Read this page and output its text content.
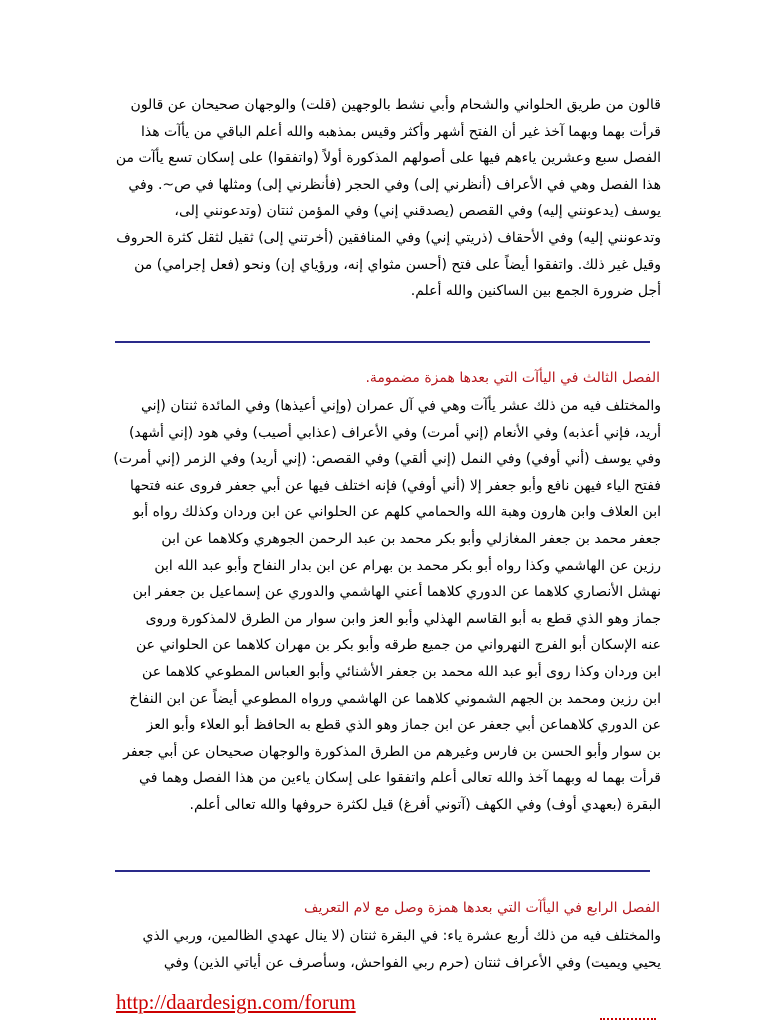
قالون من طريق الحلواني والشحام وأبي نشط بالوجهين (قلت) والوجهان صحيحان عن قالون
قرأت بهما وبهما آخذ غير أن الفتح أشهر وأكثر وقيس بمذهبه والله أعلم الباقي من يأآت هذا
الفصل سبع وعشرين ياءهم فيها على أصولهم المذكورة أولاً (واتفقوا) على إسكان تسع يأآت من
هذا الفصل وهي في الأعراف (أنظرني إلى) وفي الحجر (فأنظرني إلى) ومثلها في ص~. وفي
يوسف (يدعونني إليه) وفي القصص (يصدقني إني) وفي المؤمن ثنتان (وتدعونني إلى،
وتدعونني إليه) وفي الأحقاف (ذريتي إني) وفي المنافقين (أخرتني إلى) ثقيل لثقل كثرة الحروف
وقيل غير ذلك. واتفقوا أيضاً على فتح (أحسن مثواي إنه، ورؤياي إن) ونحو (فعل إجرامي) من
أجل ضرورة الجمع بين الساكنين والله أعلم.

الفصل الثالث في اليأآت التي بعدها همزة مضمومة.

والمختلف فيه من ذلك عشر يأآت وهي في آل عمران (وإني أعيذها) وفي المائدة ثنتان (إني
أريد، فإني أعذبه) وفي الأنعام (إني أمرت) وفي الأعراف (عذابي أصيب) وفي هود (إني أشهد)
وفي يوسف (أني أوفي) وفي النمل (إني ألقي) وفي القصص: (إني أريد) وفي الزمر (إني أمرت)
ففتح الياء فيهن نافع وأبو جعفر إلا (أني أوفي) فإنه اختلف فيها عن أبي جعفر فروى عنه فتحها
ابن العلاف وابن هارون وهبة الله والحمامي كلهم عن الحلواني عن ابن وردان وكذلك رواه أبو
جعفر محمد بن جعفر المغازلي وأبو بكر محمد بن عبد الرحمن الجوهري وكلاهما عن ابن
رزين عن الهاشمي وكذا رواه أبو بكر محمد بن بهرام عن ابن بدار النفاح وأبو عبد الله ابن
نهشل الأنصاري كلاهما عن الدوري كلاهما أعني الهاشمي والدوري عن إسماعيل بن جعفر ابن
جماز وهو الذي قطع به أبو القاسم الهذلي وأبو العز وابن سوار من الطرق لالمذكورة وروى
عنه الإسكان أبو الفرج النهرواني من جميع طرقه وأبو بكر بن مهران كلاهما عن الحلواني عن
ابن وردان وكذا روى أبو عبد الله محمد بن جعفر الأشنائي وأبو العباس المطوعي كلاهما عن
ابن رزين ومحمد بن الجهم الشموني كلاهما عن الهاشمي ورواه المطوعي أيضاً عن ابن النفاخ
عن الدوري كلاهماعن أبي جعفر عن ابن جماز وهو الذي قطع به الحافظ أبو العلاء وأبو العز
بن سوار وأبو الحسن بن فارس وغيرهم من الطرق المذكورة والوجهان صحيحان عن أبي جعفر
قرأت بهما له وبهما آخذ والله تعالى أعلم واتفقوا على إسكان ياءين من هذا الفصل وهما في
البقرة (بعهدي أوف) وفي الكهف (آتوني أفرغ) قيل لكثرة حروفها والله تعالى أعلم.

الفصل الرابع في اليأآت التي بعدها همزة وصل مع لام التعريف

والمختلف فيه من ذلك أربع عشرة ياء: في البقرة ثنتان (لا ينال عهدي الظالمين، وربي الذي
يحيي ويميت) وفي الأعراف ثنتان (حرم ربي الفواحش، وسأصرف عن أياتي الذين) وفي
http://daardesign.com/forum
